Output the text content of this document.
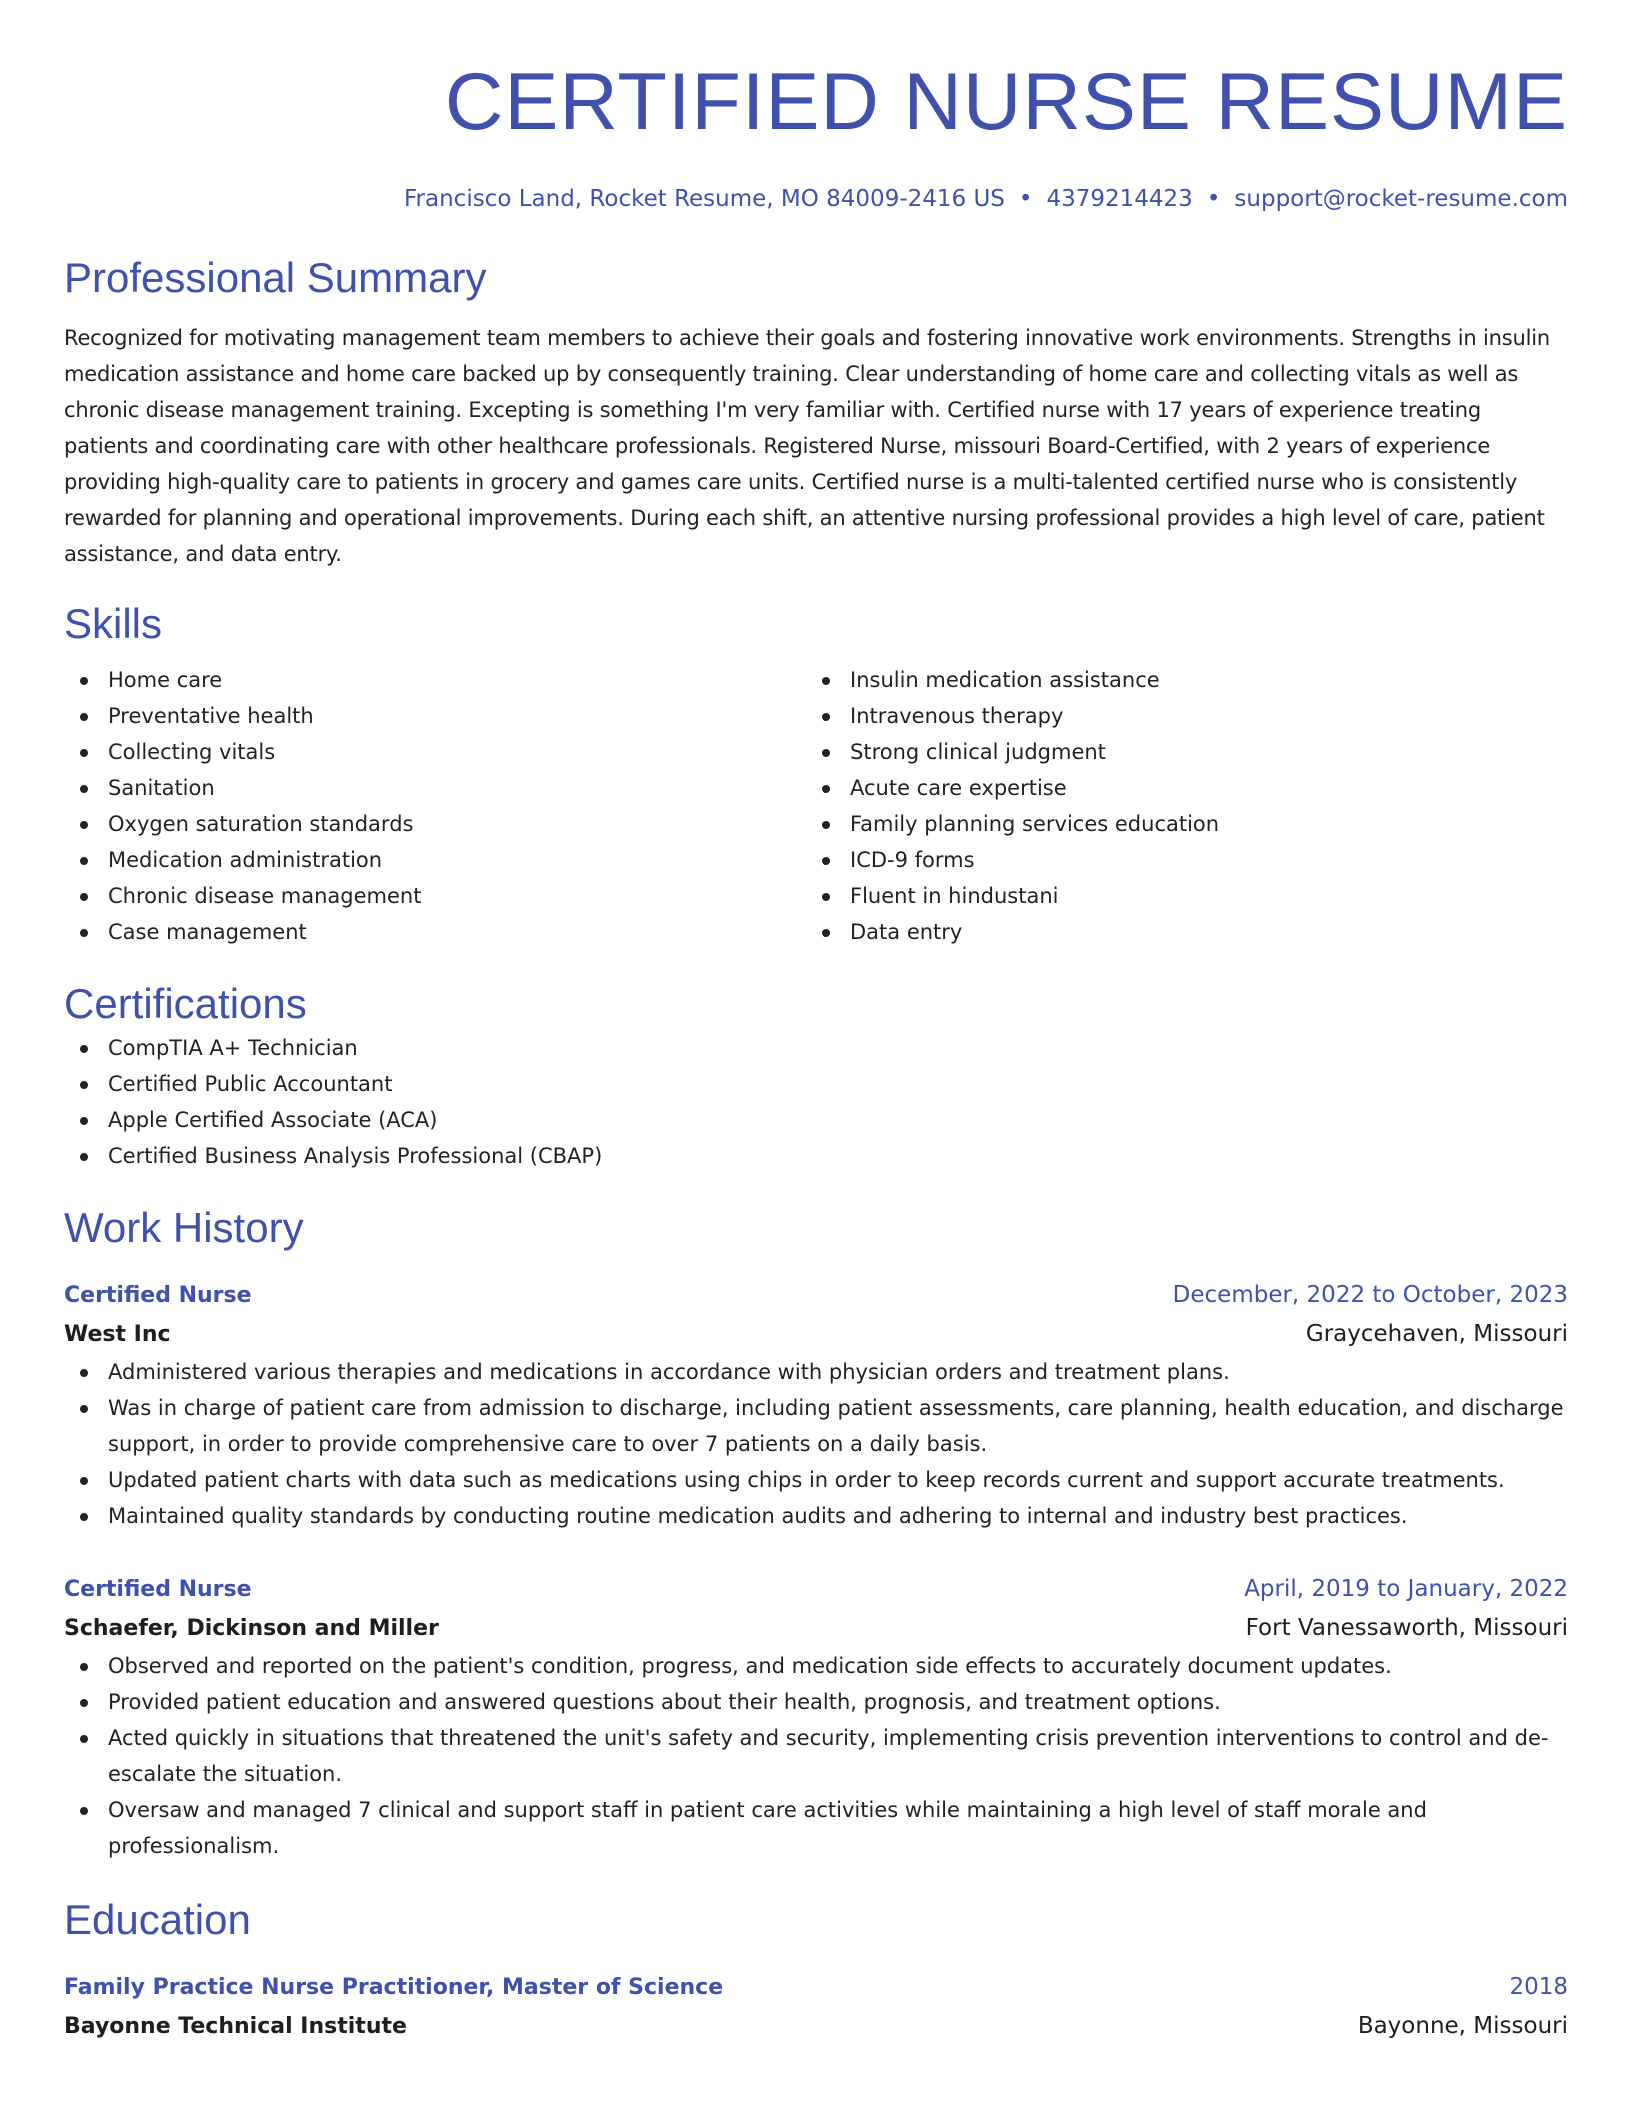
CERTIFIED NURSE RESUME
Francisco Land, Rocket Resume, MO 84009-2416 US • 4379214423 • support@rocket-resume.com
Professional Summary
Recognized for motivating management team members to achieve their goals and fostering innovative work environments. Strengths in insulin medication assistance and home care backed up by consequently training. Clear understanding of home care and collecting vitals as well as chronic disease management training. Excepting is something I'm very familiar with. Certified nurse with 17 years of experience treating patients and coordinating care with other healthcare professionals. Registered Nurse, missouri Board-Certified, with 2 years of experience providing high-quality care to patients in grocery and games care units. Certified nurse is a multi-talented certified nurse who is consistently rewarded for planning and operational improvements. During each shift, an attentive nursing professional provides a high level of care, patient assistance, and data entry.
Skills
Home care
Preventative health
Collecting vitals
Sanitation
Oxygen saturation standards
Medication administration
Chronic disease management
Case management
Insulin medication assistance
Intravenous therapy
Strong clinical judgment
Acute care expertise
Family planning services education
ICD-9 forms
Fluent in hindustani
Data entry
Certifications
CompTIA A+ Technician
Certified Public Accountant
Apple Certified Associate (ACA)
Certified Business Analysis Professional (CBAP)
Work History
Certified Nurse	December, 2022 to October, 2023
West Inc	Graycehaven, Missouri
Administered various therapies and medications in accordance with physician orders and treatment plans.
Was in charge of patient care from admission to discharge, including patient assessments, care planning, health education, and discharge support, in order to provide comprehensive care to over 7 patients on a daily basis.
Updated patient charts with data such as medications using chips in order to keep records current and support accurate treatments.
Maintained quality standards by conducting routine medication audits and adhering to internal and industry best practices.
Certified Nurse	April, 2019 to January, 2022
Schaefer, Dickinson and Miller	Fort Vanessaworth, Missouri
Observed and reported on the patient's condition, progress, and medication side effects to accurately document updates.
Provided patient education and answered questions about their health, prognosis, and treatment options.
Acted quickly in situations that threatened the unit's safety and security, implementing crisis prevention interventions to control and de-escalate the situation.
Oversaw and managed 7 clinical and support staff in patient care activities while maintaining a high level of staff morale and professionalism.
Education
Family Practice Nurse Practitioner, Master of Science	2018
Bayonne Technical Institute	Bayonne, Missouri
